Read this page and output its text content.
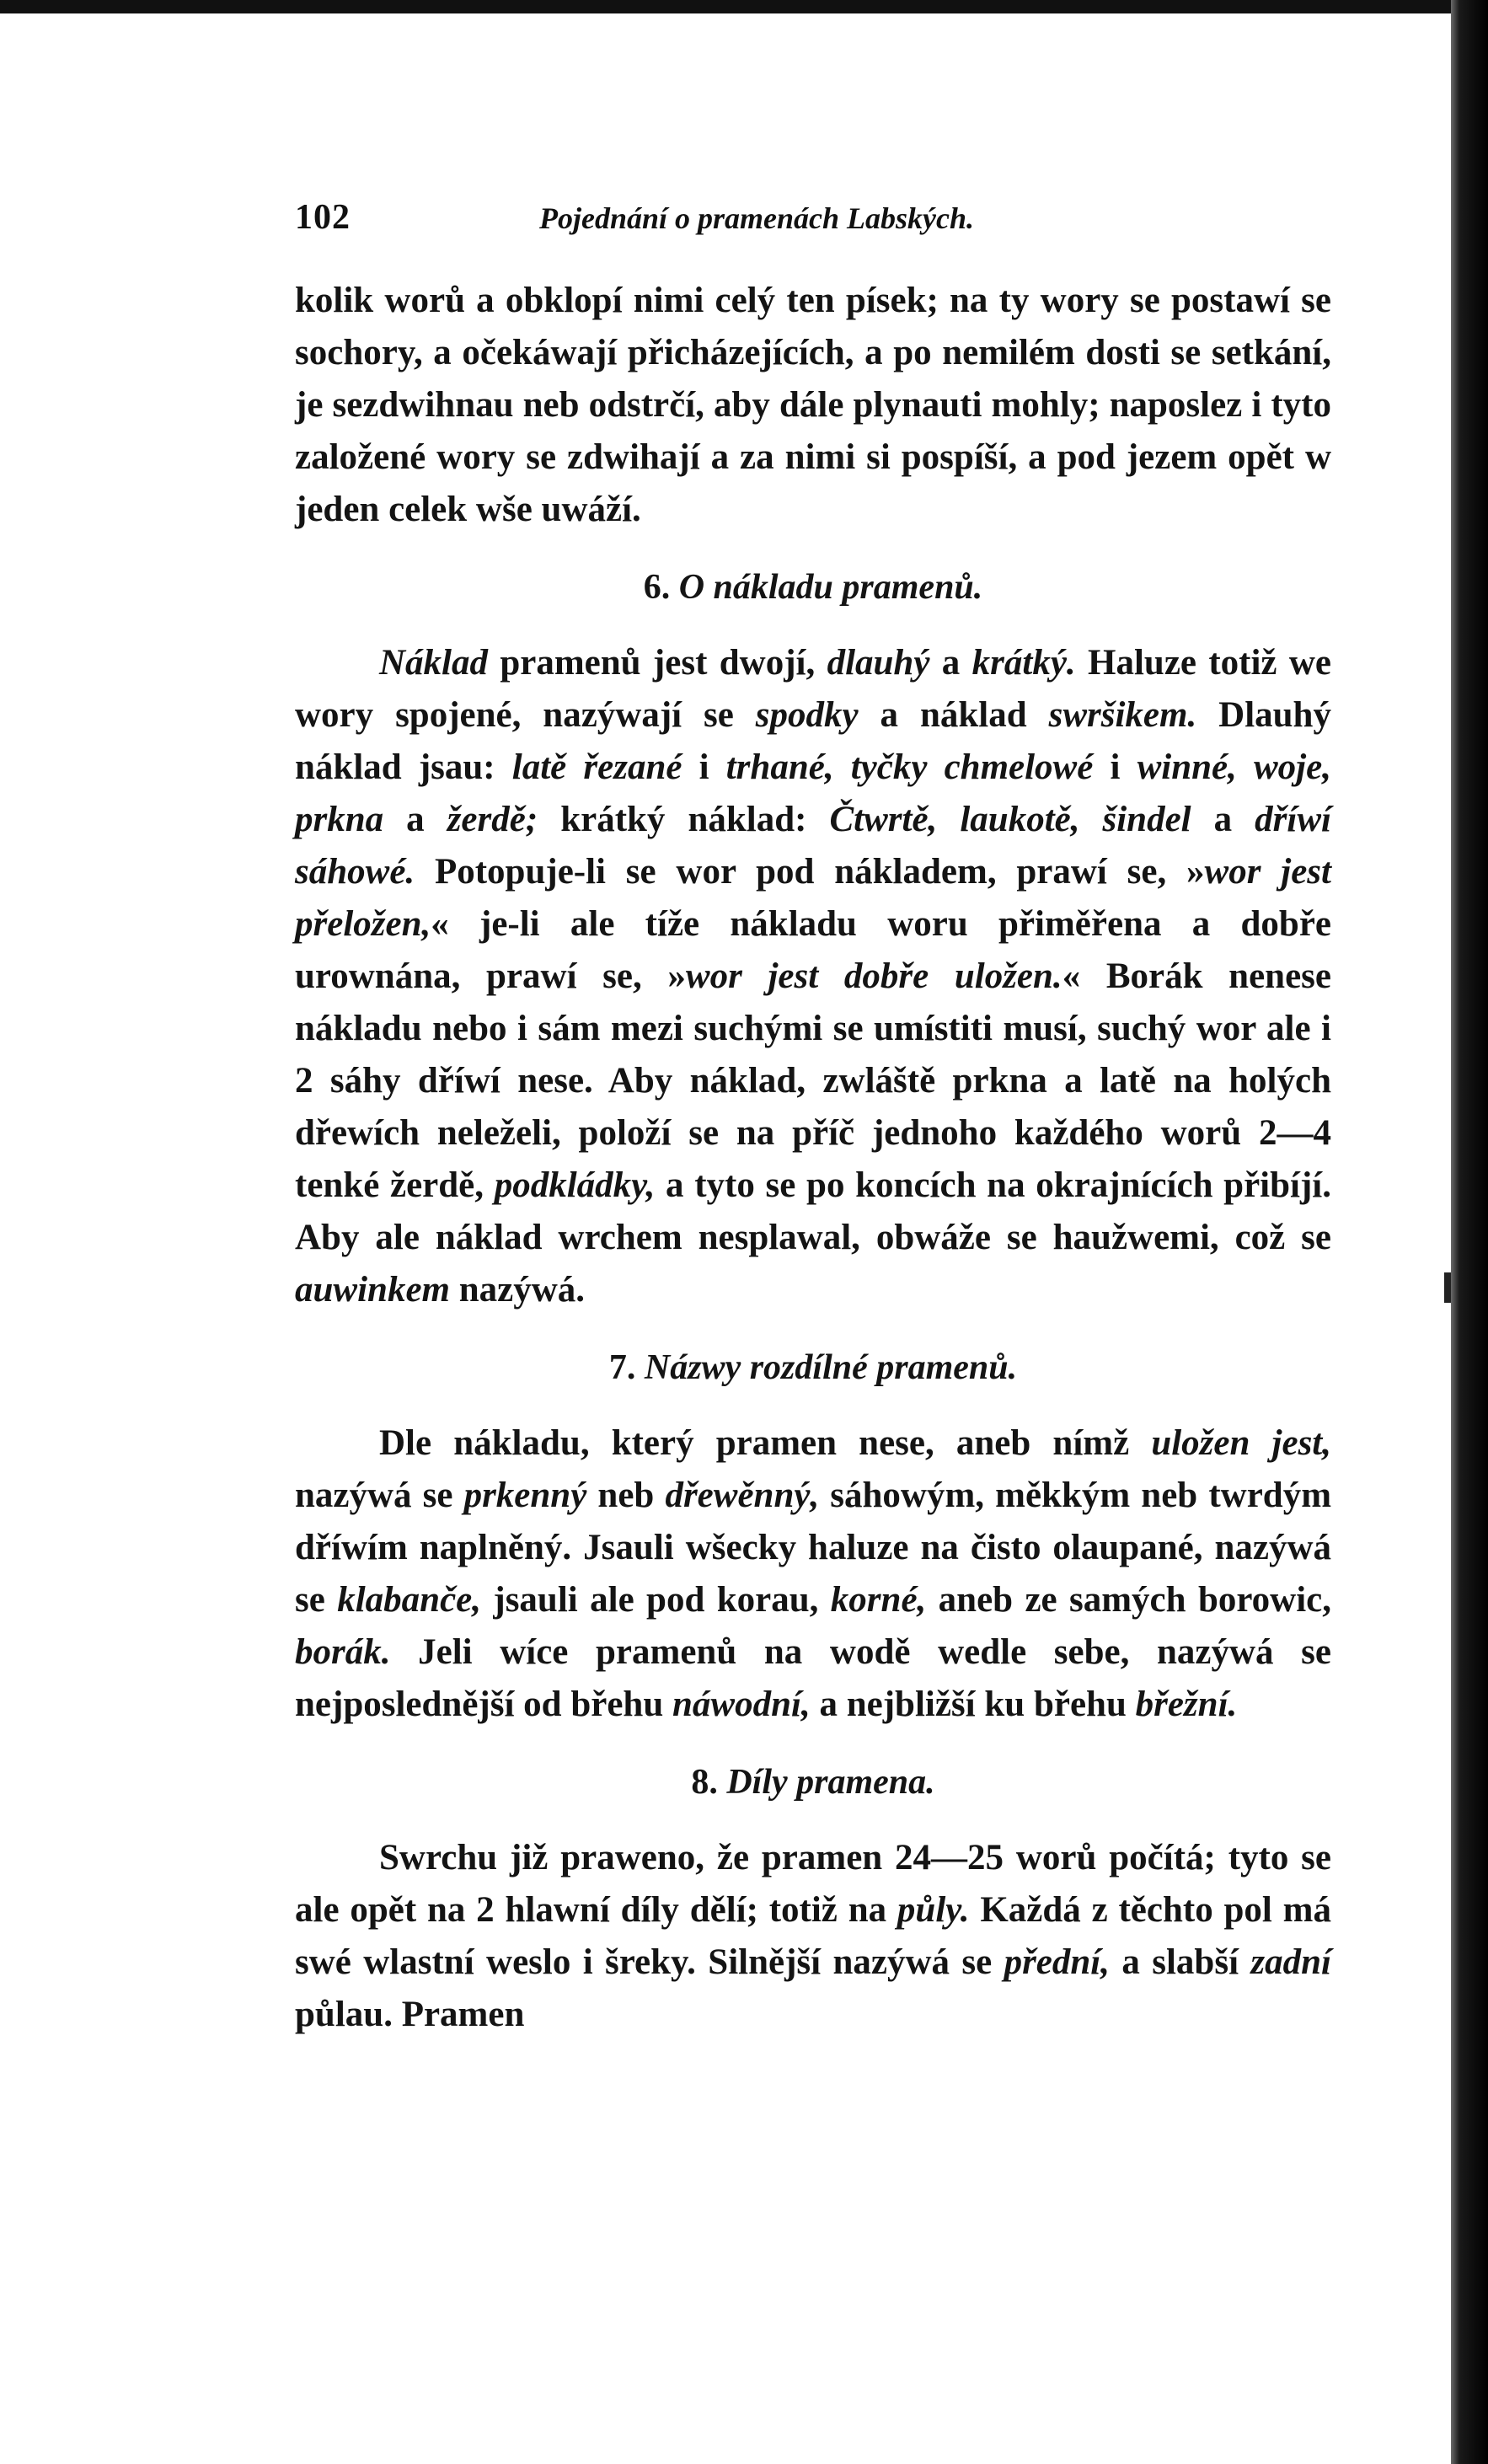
102	Pojednání o pramenách Labských.

kolik worů a obklopí nimi celý ten písek; na ty wory se postawí se sochory, a očekáwají přicházejících, a po nemilém dosti se setkání, je sezdwihnau neb odstrčí, aby dále plynauti mohly; naposlez i tyto založené wory se zdwihají a za nimi si pospíší, a pod jezem opět w jeden celek wše uwáží.

6. O nákladu pramenů.

Náklad pramenů jest dwojí, dlauhý a krátký. Haluze totiž we wory spojené, nazýwají se spodky a náklad swršikem. Dlauhý náklad jsau: latě řezané i trhané, tyčky chmelowé i winné, woje, prkna a žerdě; krátký náklad: Čtwrtě, laukotě, šindel a dříwí sáhowé. Potopuje-li se wor pod nákladem, prawí se, »wor jest přeložen,« je-li ale tíže nákladu woru přiměřena a dobře urownána, prawí se, »wor jest dobře uložen.« Borák nenese nákladu nebo i sám mezi suchými se umístiti musí, suchý wor ale i 2 sáhy dříwí nese. Aby náklad, zwláště prkna a latě na holých dřewích neleželi, položí se na příč jednoho každého worů 2—4 tenké žerdě, podkládky, a tyto se po koncích na okrajnících přibíjí. Aby ale náklad wrchem nesplawal, obwáže se haužwemi, což se auwinkem nazýwá.

7. Názwy rozdílné pramenů.

Dle nákladu, který pramen nese, aneb nímž uložen jest, nazýwá se prkenný neb dřewěnný, sáhowým, měkkým neb twrdým dříwím naplněný. Jsauli wšecky haluze na čisto olaupané, nazýwá se klabanče, jsauli ale pod korau, korné, aneb ze samých borowic, borák. Jeli wíce pramenů na wodě wedle sebe, nazýwá se nejposlednější od břehu náwodní, a nejbližší ku břehu břežní.

8. Díly pramena.

Swrchu již praweno, že pramen 24—25 worů počítá; tyto se ale opět na 2 hlawní díly dělí; totiž na půly. Každá z těchto pol má swé wlastní weslo i šreky. Silnější nazýwá se přední, a slabší zadní půlau. Pramen
